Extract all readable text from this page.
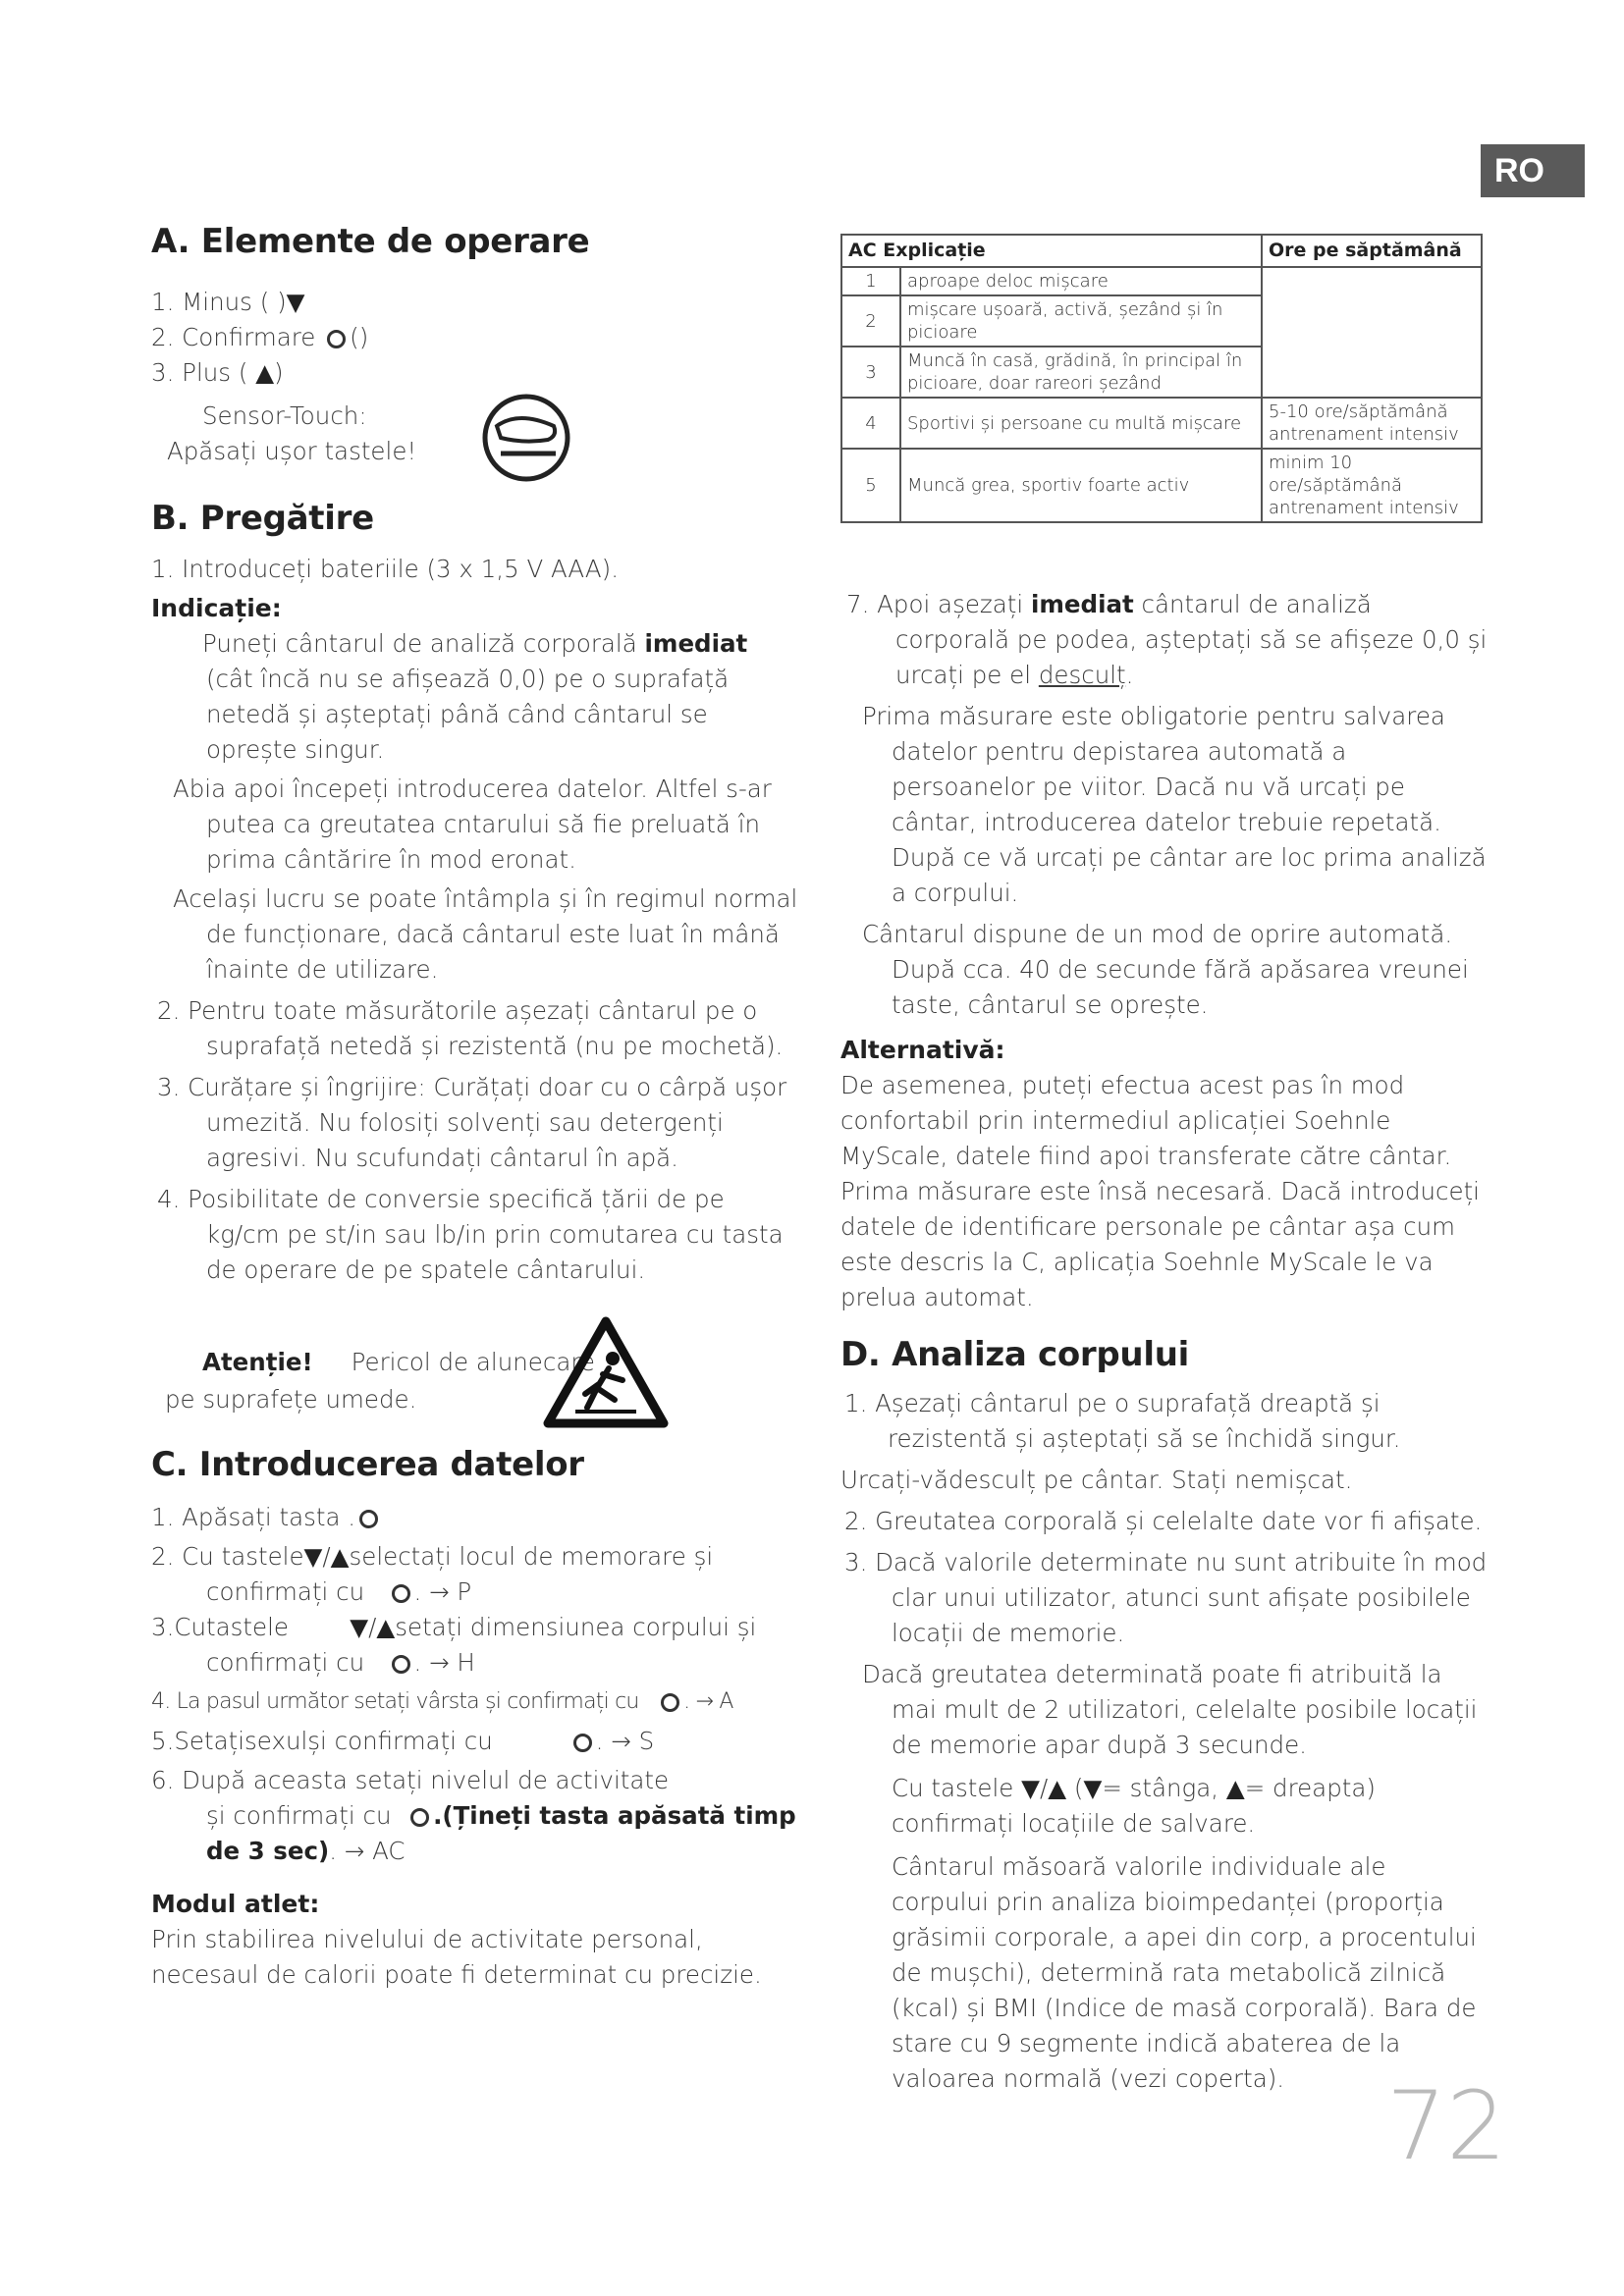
RO
A. Elemente de operare

1. Minus ( )▼

2. Confirmare ()

3. Plus ( ▲)

Sensor-Touch:

Apăsați ușor tastele!

B. Pregătire

1. Introduceți bateriile (3 x 1,5 V AAA).

Indicație:

Puneți cântarul de analiză corporală imediat (cât încă nu se afișează 0,0) pe o suprafață netedă și așteptați până când cântarul se oprește singur.

Abia apoi începeți introducerea datelor. Altfel s-ar putea ca greutatea cntarului să fie preluată în prima cântărire în mod eronat.

Același lucru se poate întâmpla și în regimul normal de funcționare, dacă cântarul este luat în mână înainte de utilizare.

2. Pentru toate măsurătorile așezați cântarul pe o suprafață netedă și rezistentă (nu pe mochetă).

3. Curățare și îngrijire: Curățați doar cu o cârpă ușor umezită. Nu folosiți solvenți sau detergenți agresivi. Nu scufundați cântarul în apă.

4. Posibilitate de conversie specifică țării de pe kg/cm pe st/in sau lb/in prin comutarea cu tasta de operare de pe spatele cântarului.

Atenție! Pericol de alunecare

pe suprafețe umede.

C. Introducerea datelor

1. Apăsați tasta .

2. Cu tastele▼/▲selectați locul de memorare și

confirmați cu . → P

3.Cutastele	▼/▲setați dimensiunea corpului și

confirmați cu . → H

4. La pasul următor setați vârsta și confirmați cu . → A

5.Setațisexulși confirmați cu	. → S

6. După aceasta setați nivelul de activitate

și confirmați cu .(Țineți tasta apăsată timp de 3 sec). → AC

Modul atlet:

Prin stabilirea nivelului de activitate personal, necesaul de calorii poate fi determinat cu precizie.

AC Explicație		Ore pe săptămână
1	aproape deloc mișcare	
2	mișcare ușoară, activă, șezând și în picioare	
3	Muncă în casă, grădină, în principal în picioare, doar rareori șezând	
4	Sportivi și persoane cu multă mișcare	5-10 ore/săptămână antrenament intensiv
5	Muncă grea, sportiv foarte activ	minim 10 ore/săptămână antrenament intensiv

7. Apoi așezați imediat cântarul de analiză corporală pe podea, așteptați să se afișeze 0,0 și urcați pe el desculț.

Prima măsurare este obligatorie pentru salvarea datelor pentru depistarea automată a persoanelor pe viitor. Dacă nu vă urcați pe cântar, introducerea datelor trebuie repetată. După ce vă urcați pe cântar are loc prima analiză a corpului.

Cântarul dispune de un mod de oprire automată. După cca. 40 de secunde fără apăsarea vreunei taste, cântarul se oprește.

Alternativă:

De asemenea, puteți efectua acest pas în mod confortabil prin intermediul aplicației Soehnle MyScale, datele fiind apoi transferate către cântar. Prima măsurare este însă necesară. Dacă introduceți datele de identificare personale pe cântar așa cum este descris la C, aplicația Soehnle MyScale le va prelua automat.

D. Analiza corpului

1. Așezați cântarul pe o suprafață dreaptă și rezistentă și așteptați să se închidă singur.

Urcați-vădesculț pe cântar. Stați nemișcat.

2. Greutatea corporală și celelalte date vor fi afișate.

3. Dacă valorile determinate nu sunt atribuite în mod clar unui utilizator, atunci sunt afișate posibilele locații de memorie.

Dacă greutatea determinată poate fi atribuită la mai mult de 2 utilizatori, celelalte posibile locații de memorie apar după 3 secunde.

Cu tastele ▼/▲ (▼= stânga, ▲= dreapta) confirmați locațiile de salvare.

Cântarul măsoară valorile individuale ale corpului prin analiza bioimpedanței (proporția grăsimii corporale, a apei din corp, a procentului de mușchi), determină rata metabolică zilnică (kcal) și BMI (Indice de masă corporală). Bara de stare cu 9 segmente indică abaterea de la valoarea normală (vezi coperta).	72
